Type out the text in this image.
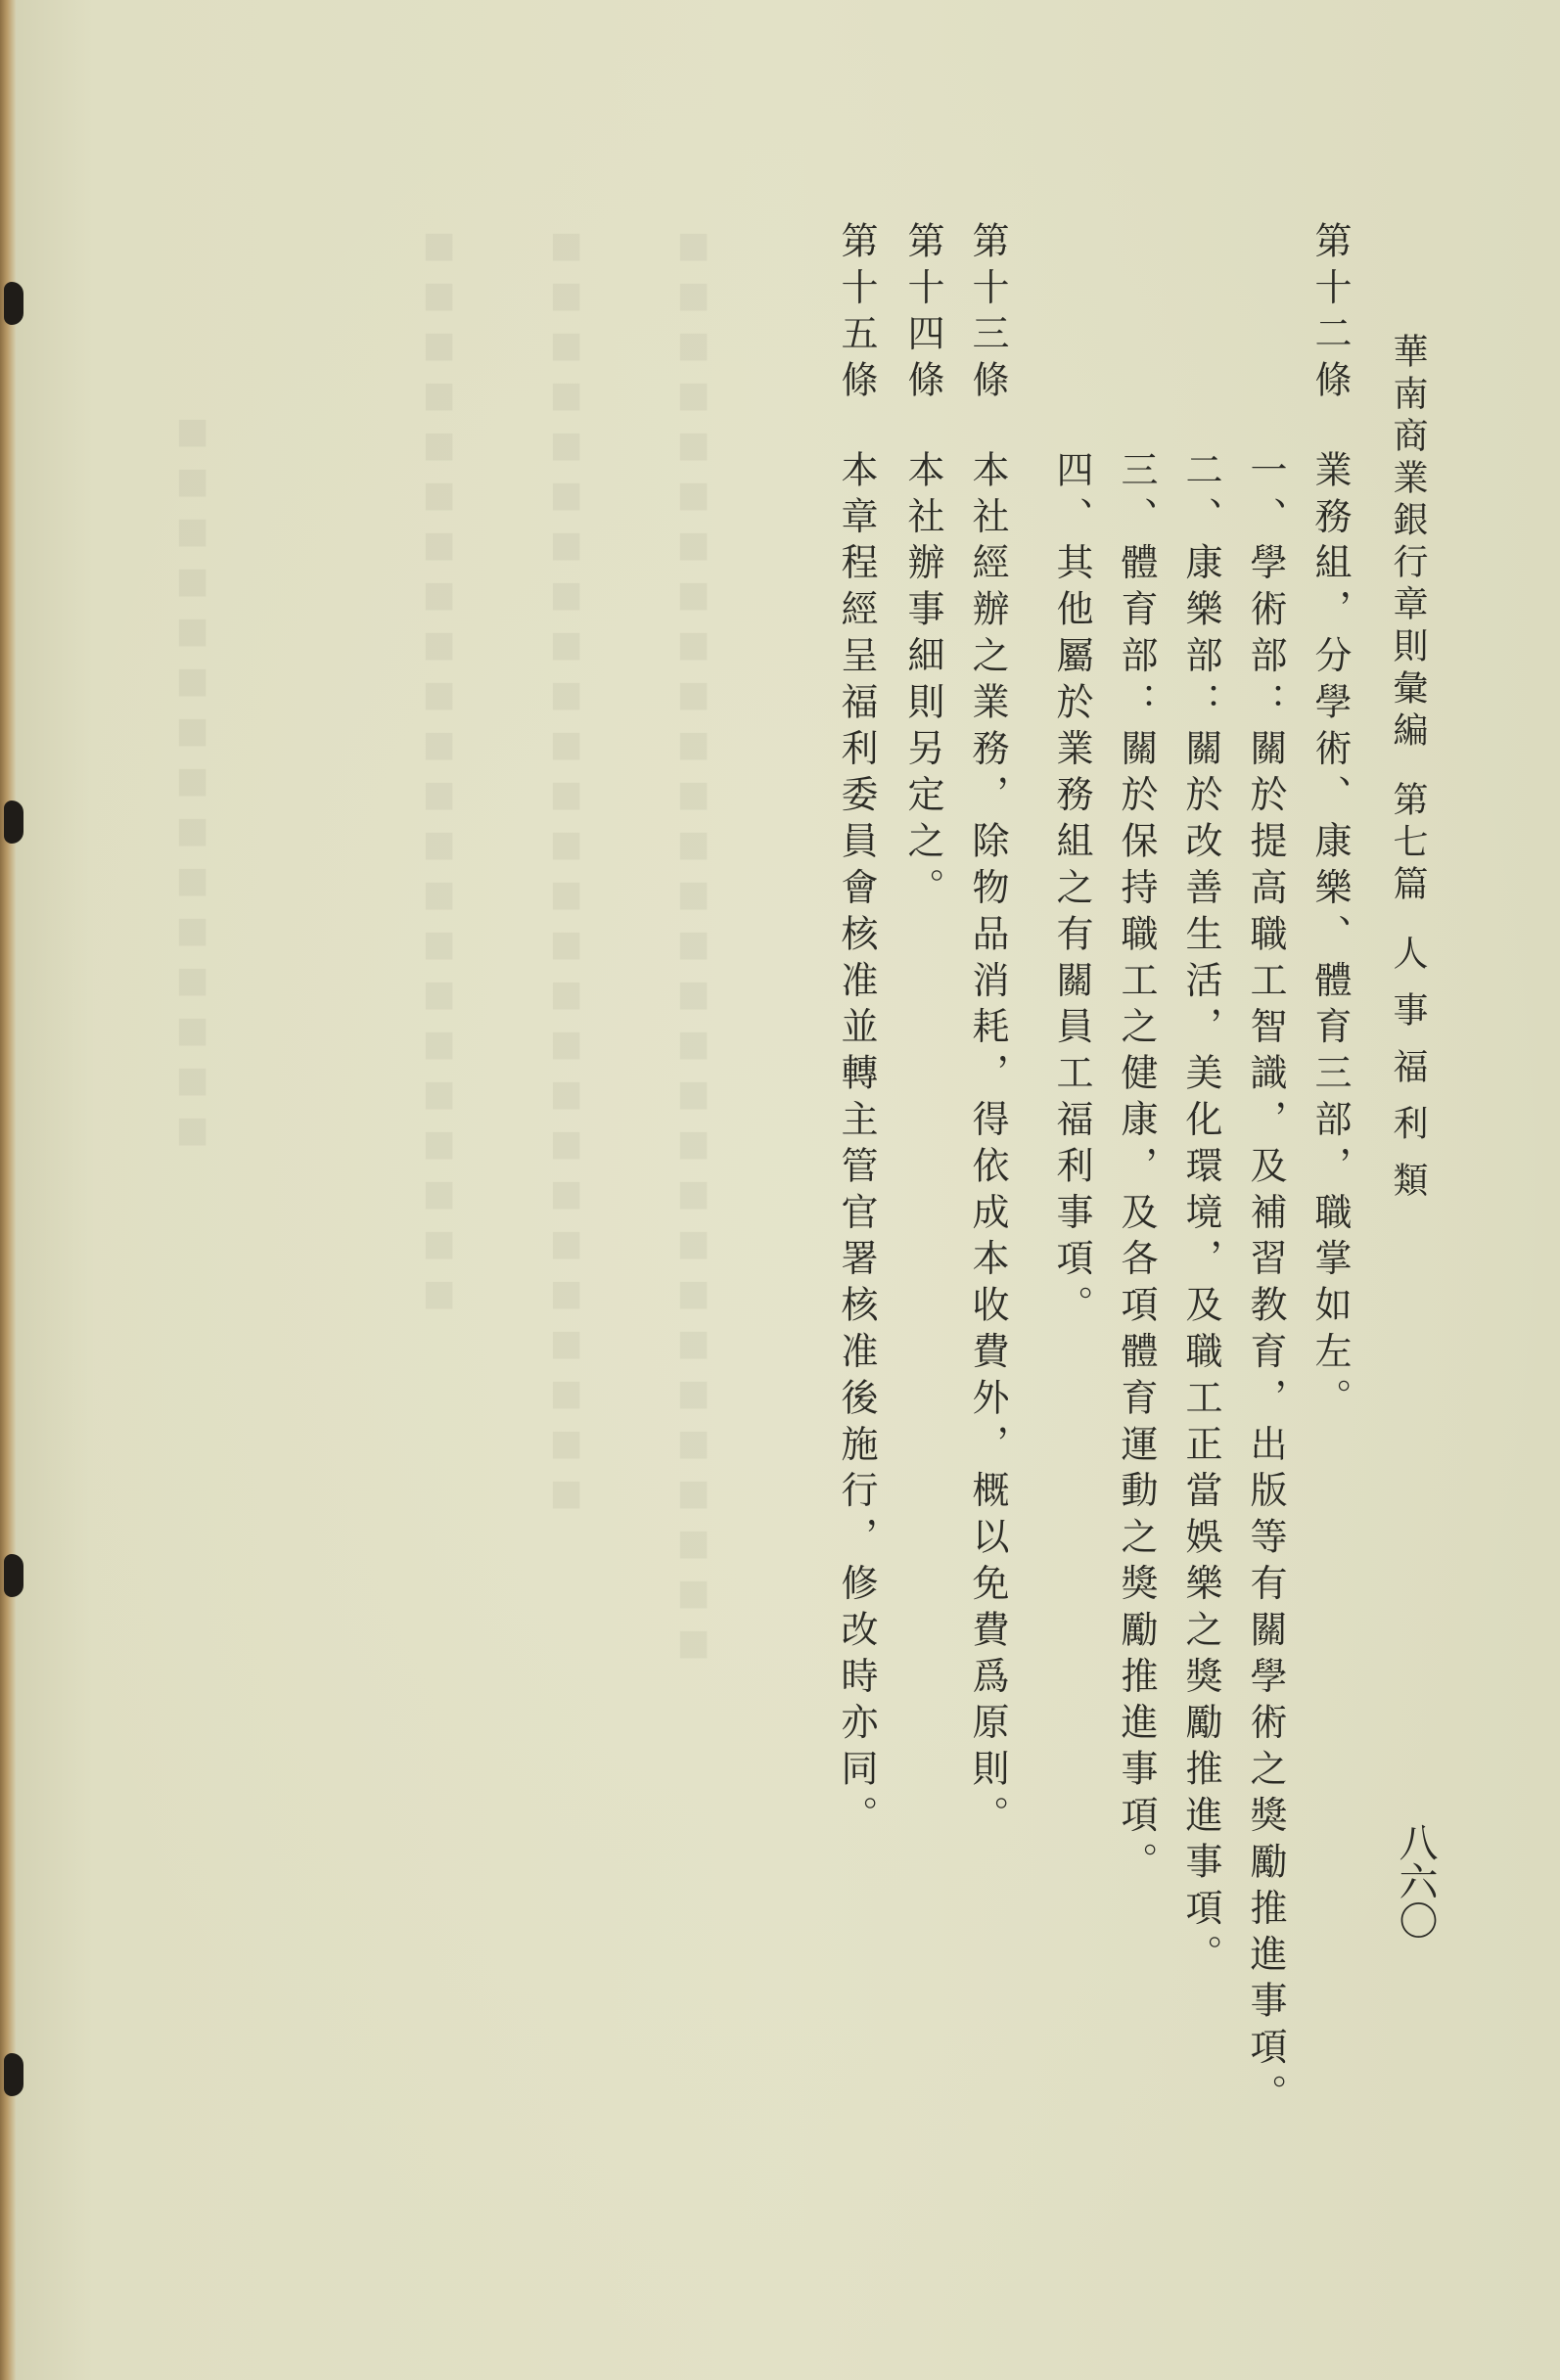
■■■■■■■■■■■■■■■	■■■■■■■■■■■■■■■■■■■■■■ ■■■■■■■■■■■■■■■■■■■■■■■■■■ ■■■■■■■■■■■■■■■■■■■■■■■■■■■■■	華南商業銀行章則彙編第七篇人事福利類
八六〇
第十二條
業務組，分學術、康樂、體育三部，職掌如左。
一、學術部：關於提高職工智識，及補習教育，出版等有關學術之獎勵推進事項。
二、康樂部：關於改善生活，美化環境，及職工正當娛樂之獎勵推進事項。
三、體育部：關於保持職工之健康，及各項體育運動之獎勵推進事項。
四、其他屬於業務組之有關員工福利事項。
第十三條
本社經辦之業務，除物品消耗，得依成本收費外，概以免費爲原則。
第十四條
本社辦事細則另定之。
第十五條
本章程經呈福利委員會核准並轉主管官署核准後施行，修改時亦同。
